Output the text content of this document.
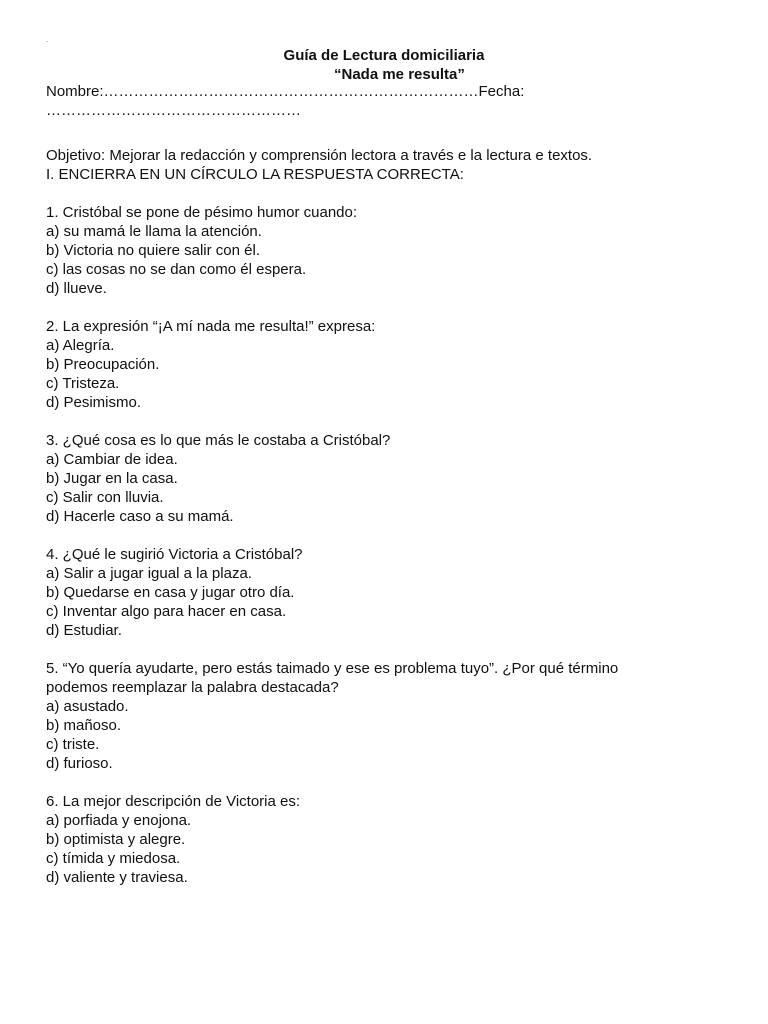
.
Guía de Lectura domiciliaria
“Nada me resulta”
Nombre:…………………………………………………………………Fecha:
……………………………………………
Objetivo: Mejorar la redacción y comprensión lectora a través e la lectura e textos.
I. ENCIERRA EN UN CÍRCULO LA RESPUESTA CORRECTA:
1. Cristóbal se pone de pésimo humor cuando:
a) su mamá le llama la atención.
b) Victoria no quiere salir con él.
c) las cosas no se dan como él espera.
d) llueve.
2. La expresión “¡A mí nada me resulta!” expresa:
a) Alegría.
b) Preocupación.
c) Tristeza.
d) Pesimismo.
3. ¿Qué cosa es lo que más le costaba a Cristóbal?
a) Cambiar de idea.
b) Jugar en la casa.
c) Salir con lluvia.
d) Hacerle caso a su mamá.
4. ¿Qué le sugirió Victoria a Cristóbal?
a) Salir a jugar igual a la plaza.
b) Quedarse en casa y jugar otro día.
c) Inventar algo para hacer en casa.
d) Estudiar.
5. “Yo quería ayudarte, pero estás taimado y ese es problema tuyo”. ¿Por qué término
podemos reemplazar la palabra destacada?
a) asustado.
b) mañoso.
c) triste.
d) furioso.
6. La mejor descripción de Victoria es:
a) porfiada y enojona.
b) optimista y alegre.
c) tímida y miedosa.
d) valiente y traviesa.
